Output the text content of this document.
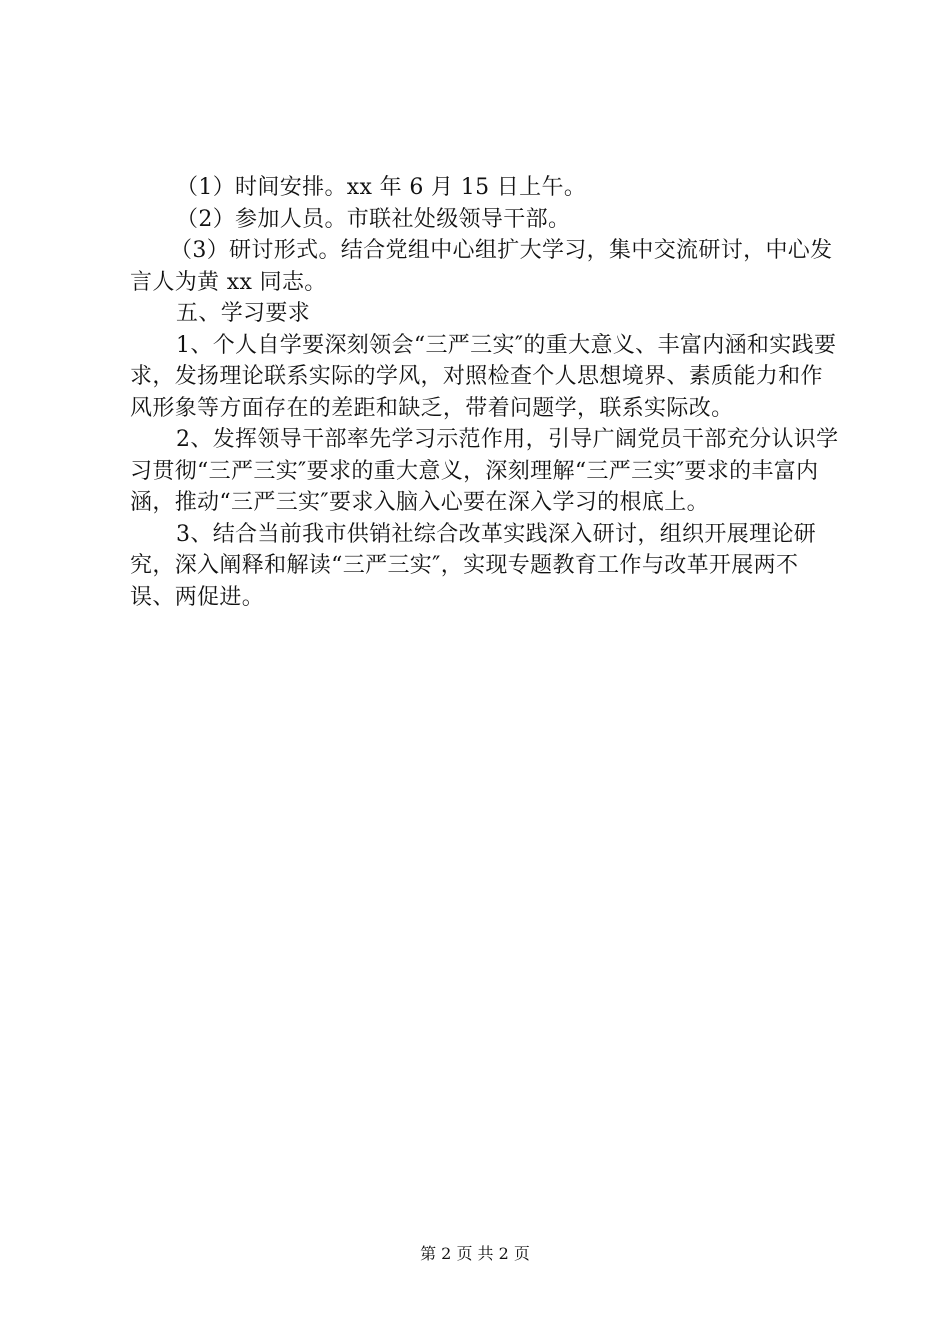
（1）时间安排。xx 年 6 月 15 日上午。

（2）参加人员。市联社处级领导干部。

（3）研讨形式。结合党组中心组扩大学习，集中交流研讨，中心发言人为黄 xx 同志。

五、学习要求

1、个人自学要深刻领会“三严三实″的重大意义、丰富内涵和实践要求，发扬理论联系实际的学风，对照检查个人思想境界、素质能力和作风形象等方面存在的差距和缺乏，带着问题学，联系实际改。

2、发挥领导干部率先学习示范作用，引导广阔党员干部充分认识学习贯彻“三严三实″要求的重大意义，深刻理解“三严三实″要求的丰富内涵，推动“三严三实″要求入脑入心要在深入学习的根底上。

3、结合当前我市供销社综合改革实践深入研讨，组织开展理论研究，深入阐释和解读“三严三实″，实现专题教育工作与改革开展两不误、两促进。

第 2 页 共 2 页
